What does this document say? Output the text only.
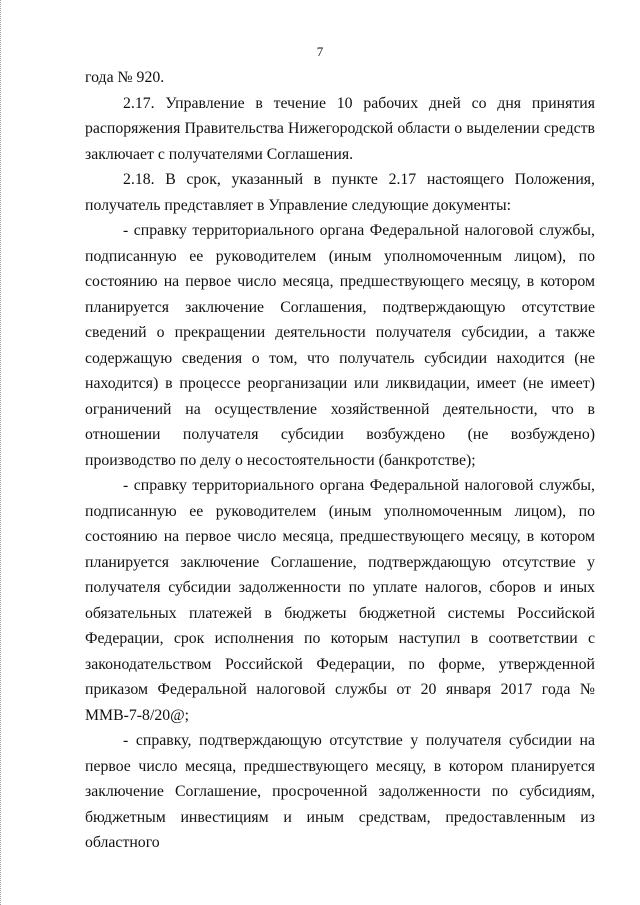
7

года № 920.

2.17. Управление в течение 10 рабочих дней со дня принятия распоряжения Правительства Нижегородской области о выделении средств заключает с получателями Соглашения.

2.18. В срок, указанный в пункте 2.17 настоящего Положения, получатель представляет в Управление следующие документы:

- справку территориального органа Федеральной налоговой службы, подписанную ее руководителем (иным уполномоченным лицом), по состоянию на первое число месяца, предшествующего месяцу, в котором планируется заключение Соглашения, подтверждающую отсутствие сведений о прекращении деятельности получателя субсидии, а также содержащую сведения о том, что получатель субсидии находится (не находится) в процессе реорганизации или ликвидации, имеет (не имеет) ограничений на осуществление хозяйственной деятельности, что в отношении получателя субсидии возбуждено (не возбуждено) производство по делу о несостоятельности (банкротстве);

- справку территориального органа Федеральной налоговой службы, подписанную ее руководителем (иным уполномоченным лицом), по состоянию на первое число месяца, предшествующего месяцу, в котором планируется заключение Соглашение, подтверждающую отсутствие у получателя субсидии задолженности по уплате налогов, сборов и иных обязательных платежей в бюджеты бюджетной системы Российской Федерации, срок исполнения по которым наступил в соответствии с законодательством Российской Федерации, по форме, утвержденной приказом Федеральной налоговой службы от 20 января 2017 года № ММВ-7-8/20@;

- справку, подтверждающую отсутствие у получателя субсидии на первое число месяца, предшествующего месяцу, в котором планируется заключение Соглашение, просроченной задолженности по субсидиям, бюджетным инвестициям и иным средствам, предоставленным из областного
